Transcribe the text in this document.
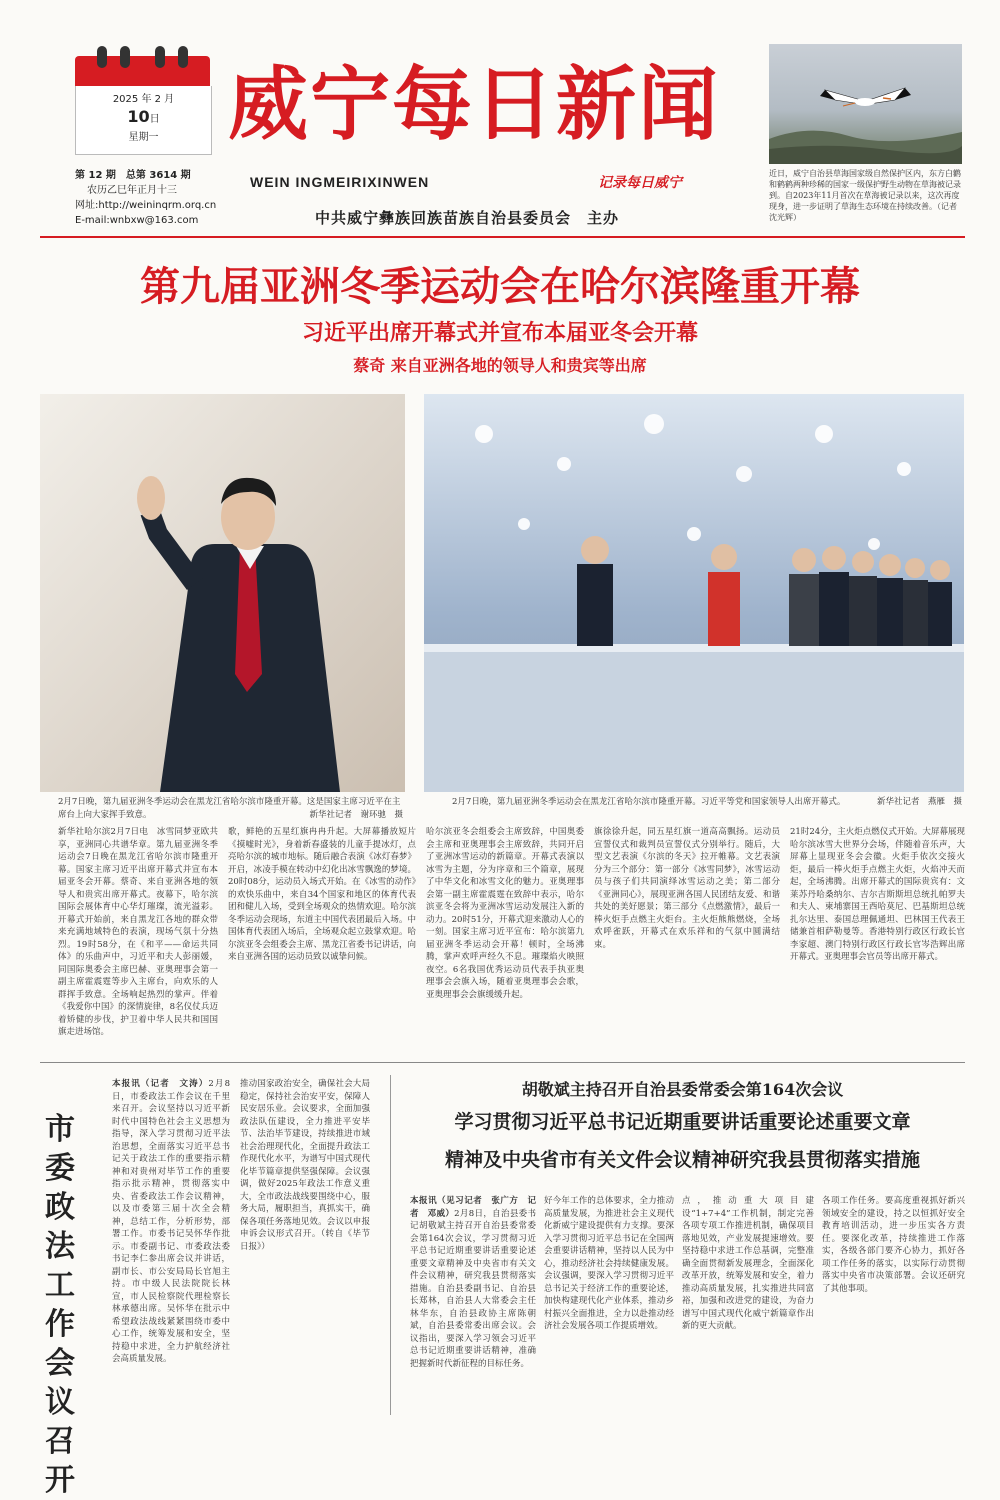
2025 年 2 月
10日
星期一
第 12 期　总第 3614 期
农历乙巳年正月十三
网址:http://weininqrm.orq.cn
E-mail:wnbxw@163.com
威宁每日新闻
WEIN INGMEIRIXINWEN	记录每日威宁
中共威宁彝族回族苗族自治县委员会　主办
近日，威宁自治县草海国家级自然保护区内，东方白鹳和鹤鹤两种珍稀的国家一级保护野生动物在草海被记录到。自2023年11月首次在草海被记录以来，这次再度现身，进一步证明了草海生态环境在持续改善。（记者　沈光辉）
第九届亚洲冬季运动会在哈尔滨隆重开幕
习近平出席开幕式并宣布本届亚冬会开幕
蔡奇 来自亚洲各地的领导人和贵宾等出席
2月7日晚，第九届亚洲冬季运动会在黑龙江省哈尔滨市隆重开幕。这是国家主席习近平在主席台上向大家挥手致意。	新华社记者　谢环驰　摄
2月7日晚，第九届亚洲冬季运动会在黑龙江省哈尔滨市隆重开幕。习近平等党和国家领导人出席开幕式。	新华社记者　燕雁　摄
新华社哈尔滨2月7日电　冰雪同梦亚欧共享，亚洲同心共谱华章。第九届亚洲冬季运动会7日晚在黑龙江省哈尔滨市隆重开幕。国家主席习近平出席开幕式并宣布本届亚冬会开幕。蔡奇、来自亚洲各地的领导人和贵宾出席开幕式。夜幕下，哈尔滨国际会展体育中心华灯璀璨，流光溢彩。开幕式开始前，来自黑龙江各地的群众带来充满地域特色的表演，现场气氛十分热烈。19时58分，在《和平——命运共同体》的乐曲声中，习近平和夫人彭丽媛，同国际奥委会主席巴赫、亚奥理事会第一副主席霍震霆等步入主席台，向欢乐的人群挥手致意。全场响起热烈的掌声。伴着《我爱你中国》的深情旋律，8名仪仗兵迈着矫健的步伐，护卫着中华人民共和国国旗走进场馆。
歌，鲜艳的五星红旗冉冉升起。大屏幕播放短片《摸嘘时光》，身着新春盛装的儿童手提冰灯，点亮哈尔滨的城市地标。随后融合表演《冰灯春梦》开启，冰凌手模在转动中幻化出冰雪飘逸的梦境。20时08分，运动员入场式开始。在《冰雪的动作》的欢快乐曲中，来自34个国家和地区的体育代表团和健儿入场，受到全场观众的热情欢迎。哈尔滨冬季运动会现场，东道主中国代表团最后入场。中国体育代表团入场后，全场观众起立鼓掌欢迎。哈尔滨亚冬会组委会主席、黑龙江省委书记讲话，向来自亚洲各国的运动员致以诚挚问候。
哈尔滨亚冬会组委会主席致辞，中国奥委会主席和亚奥理事会主席致辞，共同开启了亚洲冰雪运动的新篇章。开幕式表演以冰雪为主题，分为序章和三个篇章，展现了中华文化和冰雪文化的魅力。亚奥理事会第一副主席霍震霆在致辞中表示，哈尔滨亚冬会将为亚洲冰雪运动发展注入新的动力。20时51分，开幕式迎来激动人心的一刻。国家主席习近平宣布：哈尔滨第九届亚洲冬季运动会开幕！顿时，全场沸腾，掌声欢呼声经久不息。璀璨焰火映照夜空。6名我国优秀运动员代表手执亚奥理事会会旗入场，随着亚奥理事会会歌，亚奥理事会会旗缓缓升起。
旗徐徐升起，同五星红旗一道高高飘扬。运动员宣誓仪式和裁判员宣誓仪式分别举行。随后，大型文艺表演《尔滨的冬天》拉开帷幕。文艺表演分为三个部分：第一部分《冰雪同梦》，冰雪运动员与孩子们共同演绎冰雪运动之美；第二部分《亚洲同心》，展现亚洲各国人民团结友爱、和谐共处的美好愿景；第三部分《点燃激情》，最后一棒火炬手点燃主火炬台。主火炬熊熊燃烧，全场欢呼雀跃，开幕式在欢乐祥和的气氛中圆满结束。
21时24分，主火炬点燃仪式开始。大屏幕展现哈尔滨冰雪大世界分会场，伴随着音乐声，大屏幕上显现亚冬会会徽。火炬手依次交接火炬，最后一棒火炬手点燃主火炬，火焰冲天而起，全场沸腾。出席开幕式的国际贵宾有：文莱苏丹哈桑纳尔、吉尔吉斯斯坦总统扎帕罗夫和夫人、柬埔寨国王西哈莫尼、巴基斯坦总统扎尔达里、泰国总理佩通坦、巴林国王代表王储兼首相萨勒曼等。香港特别行政区行政长官李家超、澳门特别行政区行政长官岑浩辉出席开幕式。亚奥理事会官员等出席开幕式。
市委政法工作会议召开
本报讯（记者　文涛）2月8日，市委政法工作会议在千里来召开。会议坚持以习近平新时代中国特色社会主义思想为指导，深入学习贯彻习近平法治思想，全面落实习近平总书记关于政法工作的重要指示精神和对贵州对毕节工作的重要指示批示精神，贯彻落实中央、省委政法工作会议精神，以及市委第三届十次全会精神，总结工作，分析形势，部署工作。市委书记吴怀华作批示。市委副书记、市委政法委书记李仁参出席会议并讲话，副市长、市公安局局长官旭主持。市中级人民法院院长林宣，市人民检察院代理检察长林承德出席。吴怀华在批示中希望政法战线紧紧围绕市委中心工作，统筹发展和安全，坚持稳中求进，全力护航经济社会高质量发展。
推动国家政治安全，确保社会大局稳定，保持社会治安平安，保障人民安居乐业。会议要求，全面加强政法队伍建设，全力推进平安毕节、法治毕节建设，持续推进市域社会治理现代化，全面提升政法工作现代化水平，为谱写中国式现代化毕节篇章提供坚强保障。会议强调，做好2025年政法工作意义重大，全市政法战线要围绕中心，服务大局，履职担当，真抓实干，确保各项任务落地见效。会议以申报申诉会议形式召开。（转自《毕节日报》）
胡敬斌主持召开自治县委常委会第164次会议
学习贯彻习近平总书记近期重要讲话重要论述重要文章
精神及中央省市有关文件会议精神研究我县贯彻落实措施
本报讯（见习记者　张广方　记者　邓威）2月8日，自治县委书记胡敬斌主持召开自治县委常委会第164次会议，学习贯彻习近平总书记近期重要讲话重要论述重要文章精神及中央省市有关文件会议精神，研究我县贯彻落实措施。自治县委副书记、自治县长郑林，自治县人大常委会主任林华东，自治县政协主席陈朝斌，自治县委常委出席会议。会议指出，要深入学习领会习近平总书记近期重要讲话精神，准确把握新时代新征程的目标任务。
好今年工作的总体要求，全力推动高质量发展，为推进社会主义现代化新威宁建设提供有力支撑。要深入学习贯彻习近平总书记在全国两会重要讲话精神，坚持以人民为中心，推动经济社会持续健康发展。会议强调，要深入学习贯彻习近平总书记关于经济工作的重要论述，加快构建现代化产业体系，推动乡村振兴全面推进，全力以赴推动经济社会发展各项工作提质增效。
点，推动重大项目建设“1+7+4”工作机制，制定完善各项专项工作推进机制，确保项目落地见效，产业发展提速增效。要坚持稳中求进工作总基调，完整准确全面贯彻新发展理念，全面深化改革开放，统筹发展和安全，着力推动高质量发展，扎实推进共同富裕，加强和改进党的建设，为奋力谱写中国式现代化威宁新篇章作出新的更大贡献。
各项工作任务。要高度重视抓好新兴领域安全的建设，持之以恒抓好安全教育培训活动，进一步压实各方责任。要深化改革，持续推进工作落实，各级各部门要齐心协力，抓好各项工作任务的落实，以实际行动贯彻落实中央省市决策部署。会议还研究了其他事项。
